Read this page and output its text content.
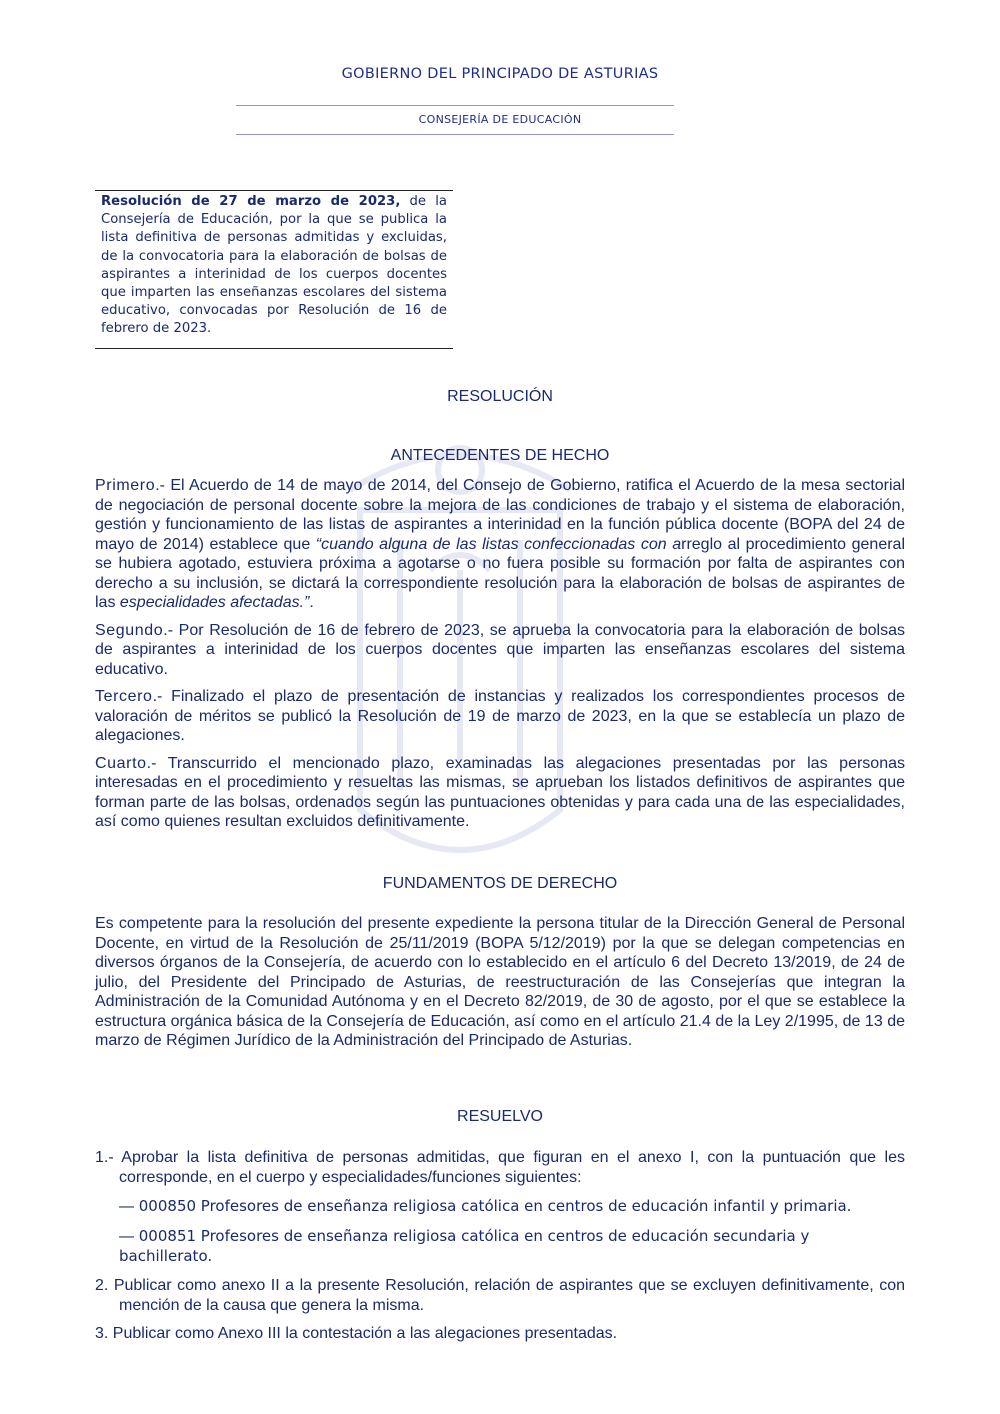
GOBIERNO DEL PRINCIPADO DE ASTURIAS
CONSEJERÍA DE EDUCACIÓN
Resolución de 27 de marzo de 2023, de la Consejería de Educación, por la que se publica la lista definitiva de personas admitidas y excluidas, de la convocatoria para la elaboración de bolsas de aspirantes a interinidad de los cuerpos docentes que imparten las enseñanzas escolares del sistema educativo, convocadas por Resolución de 16 de febrero de 2023.
RESOLUCIÓN
ANTECEDENTES DE HECHO

Primero.- El Acuerdo de 14 de mayo de 2014, del Consejo de Gobierno, ratifica el Acuerdo de la mesa sectorial de negociación de personal docente sobre la mejora de las condiciones de trabajo y el sistema de elaboración, gestión y funcionamiento de las listas de aspirantes a interinidad en la función pública docente (BOPA del 24 de mayo de 2014) establece que “cuando alguna de las listas confeccionadas con arreglo al procedimiento general se hubiera agotado, estuviera próxima a agotarse o no fuera posible su formación por falta de aspirantes con derecho a su inclusión, se dictará la correspondiente resolución para la elaboración de bolsas de aspirantes de las especialidades afectadas.”.

Segundo.- Por Resolución de 16 de febrero de 2023, se aprueba la convocatoria para la elaboración de bolsas de aspirantes a interinidad de los cuerpos docentes que imparten las enseñanzas escolares del sistema educativo.

Tercero.- Finalizado el plazo de presentación de instancias y realizados los correspondientes procesos de valoración de méritos se publicó la Resolución de 19 de marzo de 2023, en la que se establecía un plazo de alegaciones.

Cuarto.- Transcurrido el mencionado plazo, examinadas las alegaciones presentadas por las personas interesadas en el procedimiento y resueltas las mismas, se aprueban los listados definitivos de aspirantes que forman parte de las bolsas, ordenados según las puntuaciones obtenidas y para cada una de las especialidades, así como quienes resultan excluidos definitivamente.

FUNDAMENTOS DE DERECHO

Es competente para la resolución del presente expediente la persona titular de la Dirección General de Personal Docente, en virtud de la Resolución de 25/11/2019 (BOPA 5/12/2019) por la que se delegan competencias en diversos órganos de la Consejería, de acuerdo con lo establecido en el artículo 6 del Decreto 13/2019, de 24 de julio, del Presidente del Principado de Asturias, de reestructuración de las Consejerías que integran la Administración de la Comunidad Autónoma y en el Decreto 82/2019, de 30 de agosto, por el que se establece la estructura orgánica básica de la Consejería de Educación, así como en el artículo 21.4 de la Ley 2/1995, de 13 de marzo de Régimen Jurídico de la Administración del Principado de Asturias.

RESUELVO
1.- Aprobar la lista definitiva de personas admitidas, que figuran en el anexo I, con la puntuación que les corresponde, en el cuerpo y especialidades/funciones siguientes:
― 000850 Profesores de enseñanza religiosa católica en centros de educación infantil y primaria.
― 000851 Profesores de enseñanza religiosa católica en centros de educación secundaria y bachillerato.
2. Publicar como anexo II a la presente Resolución, relación de aspirantes que se excluyen definitivamente, con mención de la causa que genera la misma.
3. Publicar como Anexo III la contestación a las alegaciones presentadas.
